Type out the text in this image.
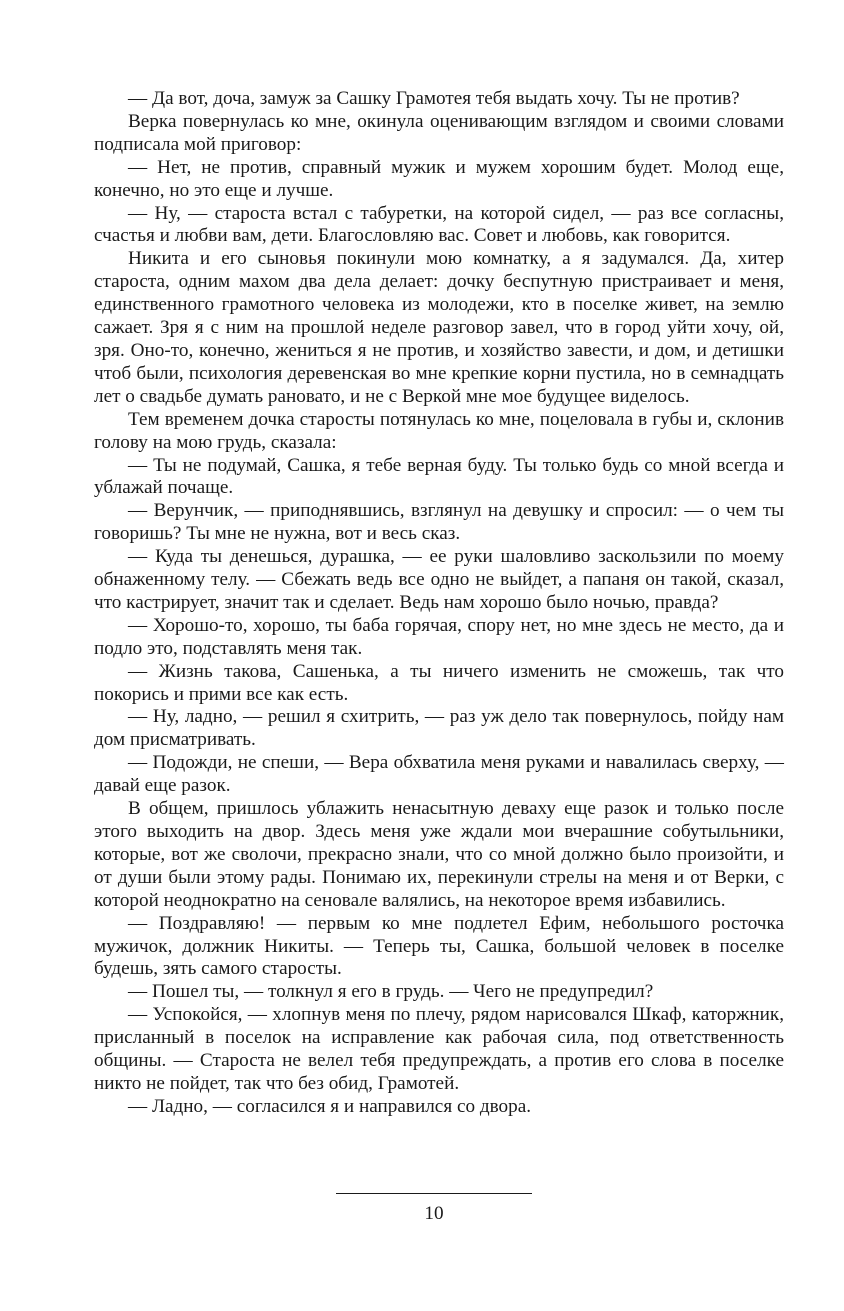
— Да вот, доча, замуж за Сашку Грамотея тебя выдать хочу. Ты не против?

Верка повернулась ко мне, окинула оценивающим взглядом и своими словами подписала мой приговор:

— Нет, не против, справный мужик и мужем хорошим будет. Молод еще, конечно, но это еще и лучше.

— Ну, — староста встал с табуретки, на которой сидел, — раз все согласны, счастья и любви вам, дети. Благословляю вас. Совет и любовь, как говорится.

Никита и его сыновья покинули мою комнатку, а я задумался. Да, хитер староста, одним махом два дела делает: дочку беспутную пристраивает и меня, единственного грамотного человека из молодежи, кто в поселке живет, на землю сажает. Зря я с ним на прошлой неделе разговор завел, что в город уйти хочу, ой, зря. Оно-то, конечно, жениться я не против, и хозяйство завести, и дом, и детишки чтоб были, психология деревенская во мне крепкие корни пустила, но в семнадцать лет о свадьбе думать рановато, и не с Веркой мне мое будущее виделось.

Тем временем дочка старосты потянулась ко мне, поцеловала в губы и, склонив голову на мою грудь, сказала:

— Ты не подумай, Сашка, я тебе верная буду. Ты только будь со мной всегда и ублажай почаще.

— Верунчик, — приподнявшись, взглянул на девушку и спросил: — о чем ты говоришь? Ты мне не нужна, вот и весь сказ.

— Куда ты денешься, дурашка, — ее руки шаловливо заскользили по моему обнаженному телу. — Сбежать ведь все одно не выйдет, а папаня он такой, сказал, что кастрирует, значит так и сделает. Ведь нам хорошо было ночью, правда?

— Хорошо-то, хорошо, ты баба горячая, спору нет, но мне здесь не место, да и подло это, подставлять меня так.

— Жизнь такова, Сашенька, а ты ничего изменить не сможешь, так что покорись и прими все как есть.

— Ну, ладно, — решил я схитрить, — раз уж дело так повернулось, пойду нам дом присматривать.

— Подожди, не спеши, — Вера обхватила меня руками и навалилась сверху, — давай еще разок.

В общем, пришлось ублажить ненасытную деваху еще разок и только после этого выходить на двор. Здесь меня уже ждали мои вчерашние собутыльники, которые, вот же сволочи, прекрасно знали, что со мной должно было произойти, и от души были этому рады. Понимаю их, перекинули стрелы на меня и от Верки, с которой неоднократно на сеновале валялись, на некоторое время избавились.

— Поздравляю! — первым ко мне подлетел Ефим, небольшого росточка мужичок, должник Никиты. — Теперь ты, Сашка, большой человек в поселке будешь, зять самого старосты.

— Пошел ты, — толкнул я его в грудь. — Чего не предупредил?

— Успокойся, — хлопнув меня по плечу, рядом нарисовался Шкаф, каторжник, присланный в поселок на исправление как рабочая сила, под ответственность общины. — Староста не велел тебя предупреждать, а против его слова в поселке никто не пойдет, так что без обид, Грамотей.

— Ладно, — согласился я и направился со двора.

10
